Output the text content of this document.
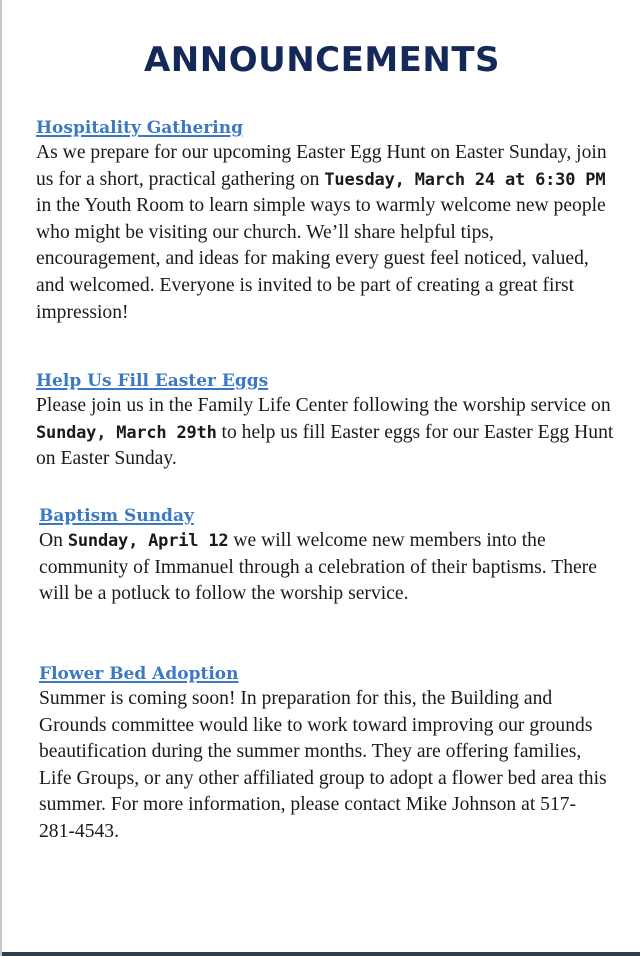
ANNOUNCEMENTS
Hospitality Gathering

As we prepare for our upcoming Easter Egg Hunt on Easter Sunday, join us for a short, practical gathering on Tuesday, March 24 at 6:30 PM in the Youth Room to learn simple ways to warmly welcome new people who might be visiting our church. We’ll share helpful tips, encouragement, and ideas for making every guest feel noticed, valued, and welcomed. Everyone is invited to be part of creating a great first impression!

Help Us Fill Easter Eggs

Please join us in the Family Life Center following the worship service on Sunday, March 29th to help us fill Easter eggs for our Easter Egg Hunt on Easter Sunday.

Baptism Sunday

On Sunday, April 12 we will welcome new members into the community of Immanuel through a celebration of their baptisms. There will be a potluck to follow the worship service.

Flower Bed Adoption

Summer is coming soon! In preparation for this, the Building and Grounds committee would like to work toward improving our grounds beautification during the summer months. They are offering families, Life Groups, or any other affiliated group to adopt a flower bed area this summer. For more information, please contact Mike Johnson at 517-281-4543.
